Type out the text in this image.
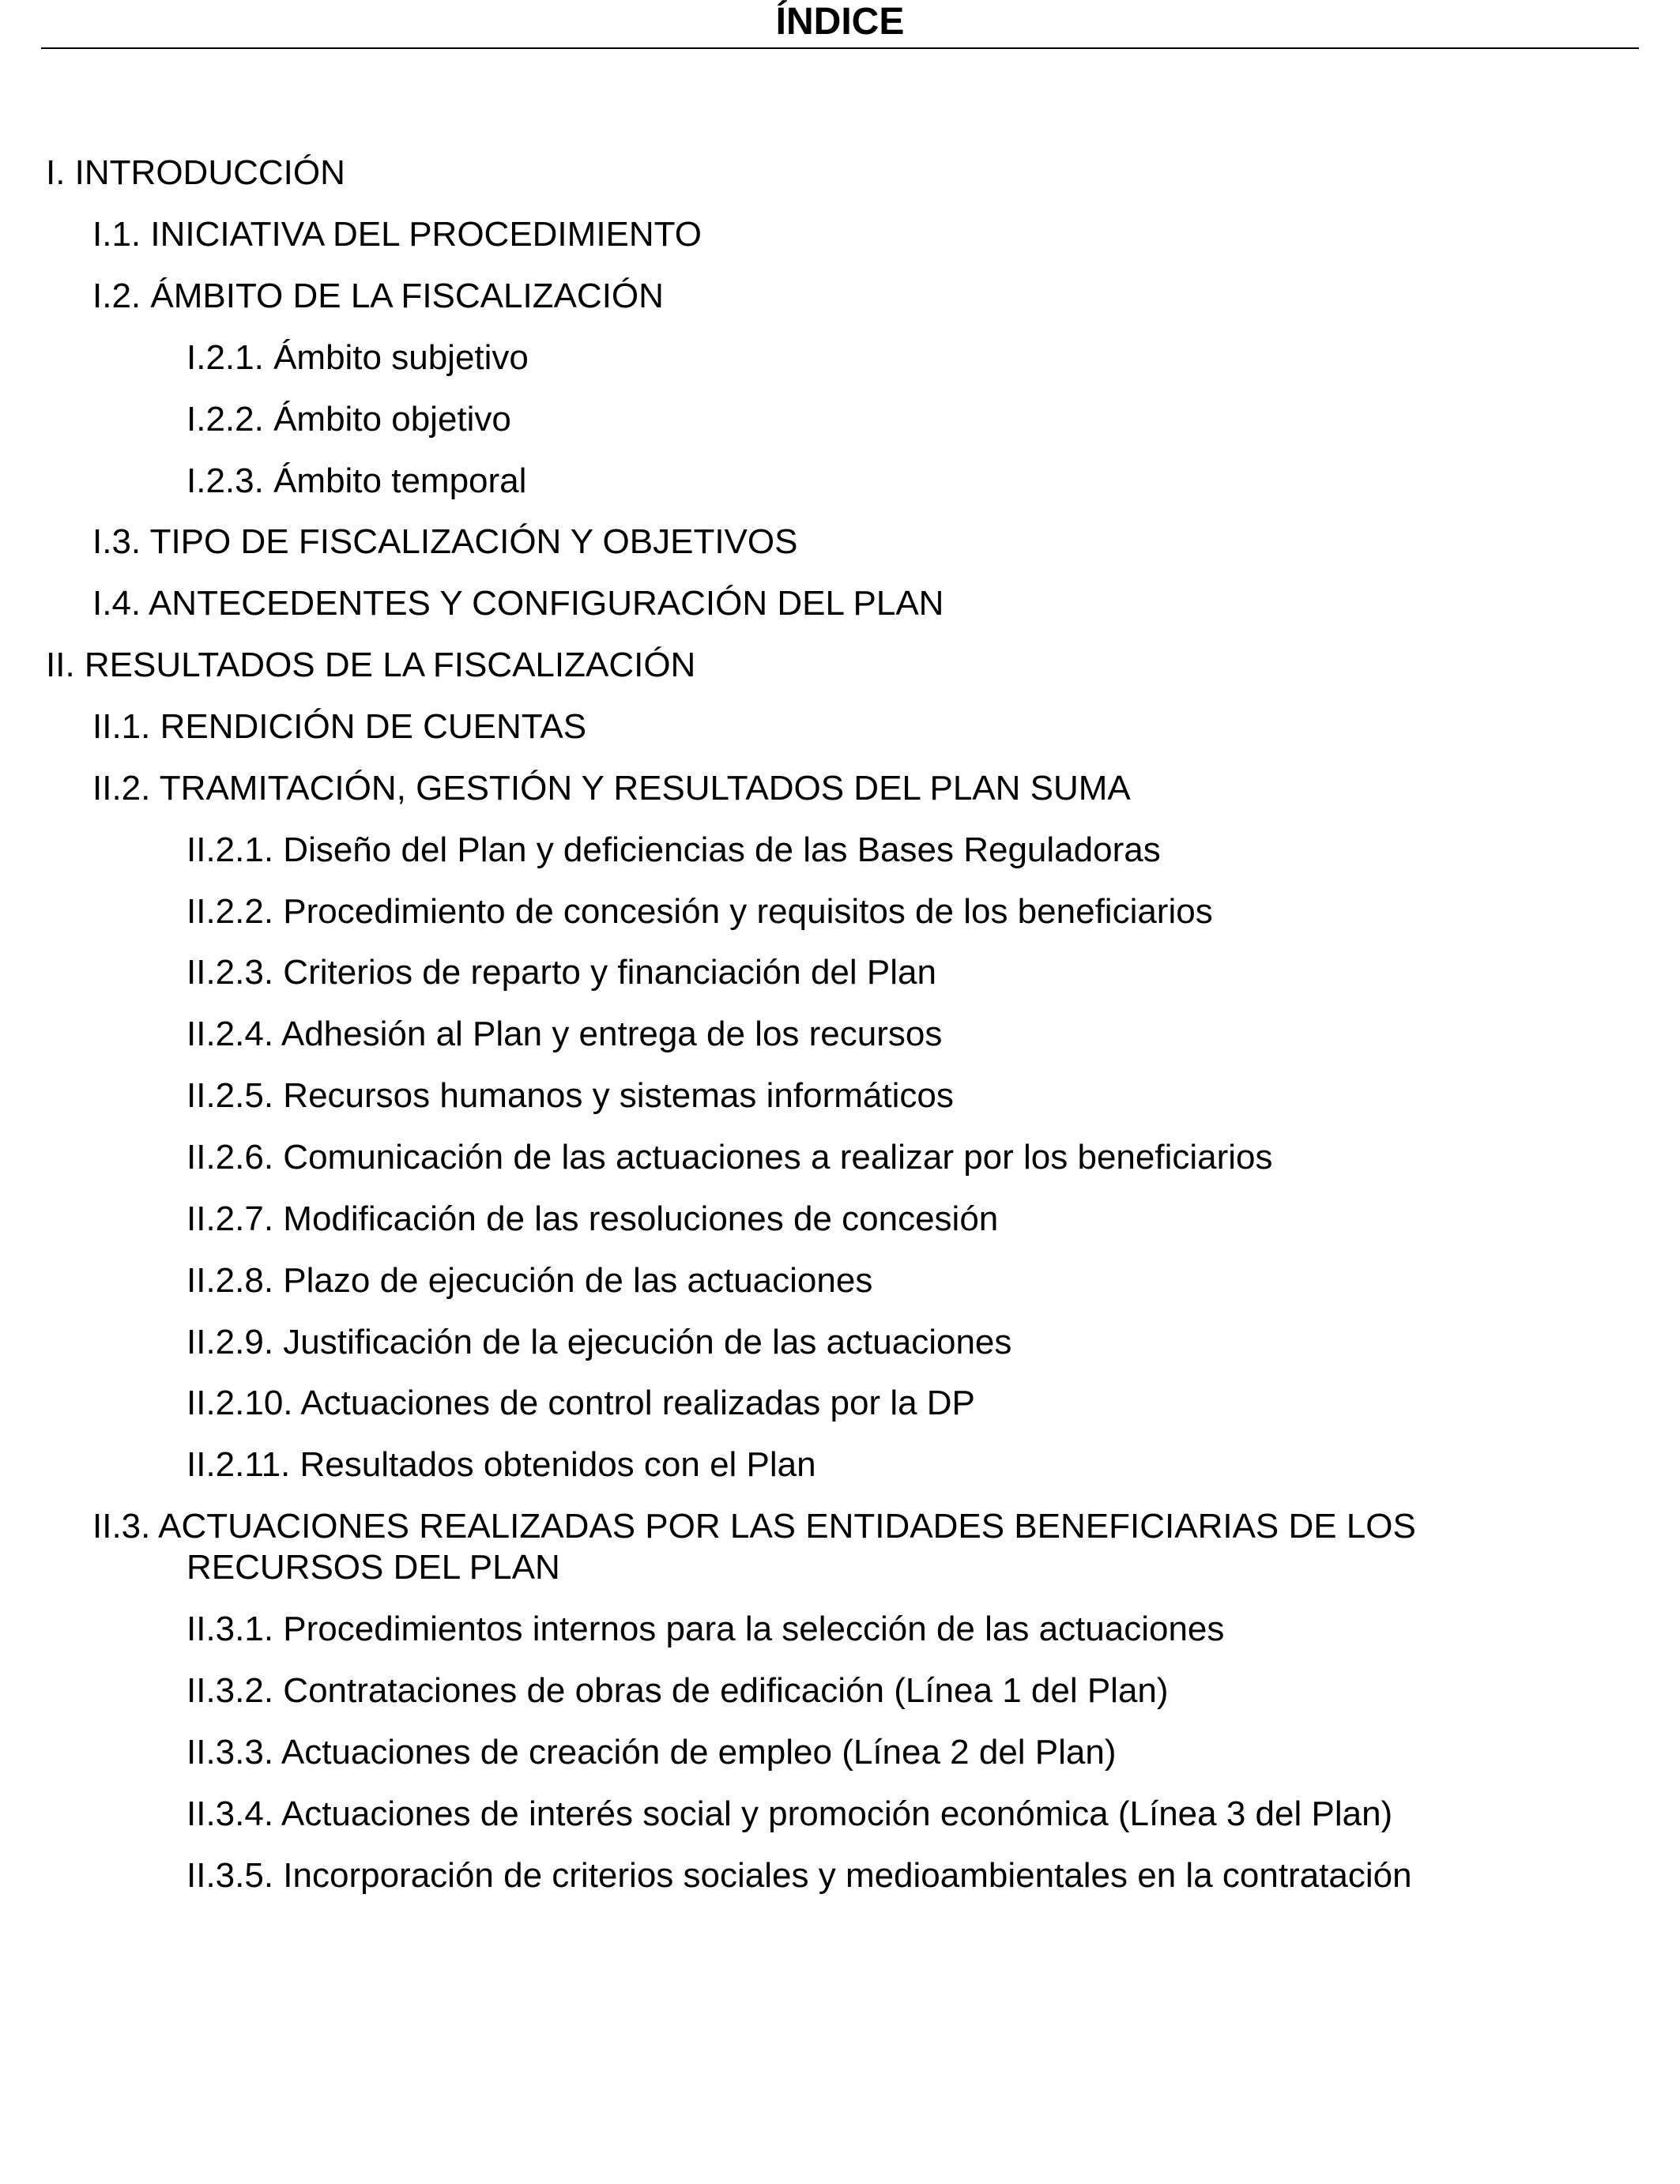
ÍNDICE
I. INTRODUCCIÓN
I.1. INICIATIVA DEL PROCEDIMIENTO
I.2. ÁMBITO DE LA FISCALIZACIÓN
I.2.1. Ámbito subjetivo
I.2.2. Ámbito objetivo
I.2.3. Ámbito temporal
I.3. TIPO DE FISCALIZACIÓN Y OBJETIVOS
I.4. ANTECEDENTES Y CONFIGURACIÓN DEL PLAN
II. RESULTADOS DE LA FISCALIZACIÓN
II.1. RENDICIÓN DE CUENTAS
II.2. TRAMITACIÓN, GESTIÓN Y RESULTADOS DEL PLAN SUMA
II.2.1. Diseño del Plan y deficiencias de las Bases Reguladoras
II.2.2. Procedimiento de concesión y requisitos de los beneficiarios
II.2.3. Criterios de reparto y financiación del Plan
II.2.4. Adhesión al Plan y entrega de los recursos
II.2.5. Recursos humanos y sistemas informáticos
II.2.6. Comunicación de las actuaciones a realizar por los beneficiarios
II.2.7. Modificación de las resoluciones de concesión
II.2.8. Plazo de ejecución de las actuaciones
II.2.9. Justificación de la ejecución de las actuaciones
II.2.10. Actuaciones de control realizadas por la DP
II.2.11. Resultados obtenidos con el Plan
II.3. ACTUACIONES REALIZADAS POR LAS ENTIDADES BENEFICIARIAS DE LOS
RECURSOS DEL PLAN
II.3.1. Procedimientos internos para la selección de las actuaciones
II.3.2. Contrataciones de obras de edificación (Línea 1 del Plan)
II.3.3. Actuaciones de creación de empleo (Línea 2 del Plan)
II.3.4. Actuaciones de interés social y promoción económica (Línea 3 del Plan)
II.3.5. Incorporación de criterios sociales y medioambientales en la contratación
